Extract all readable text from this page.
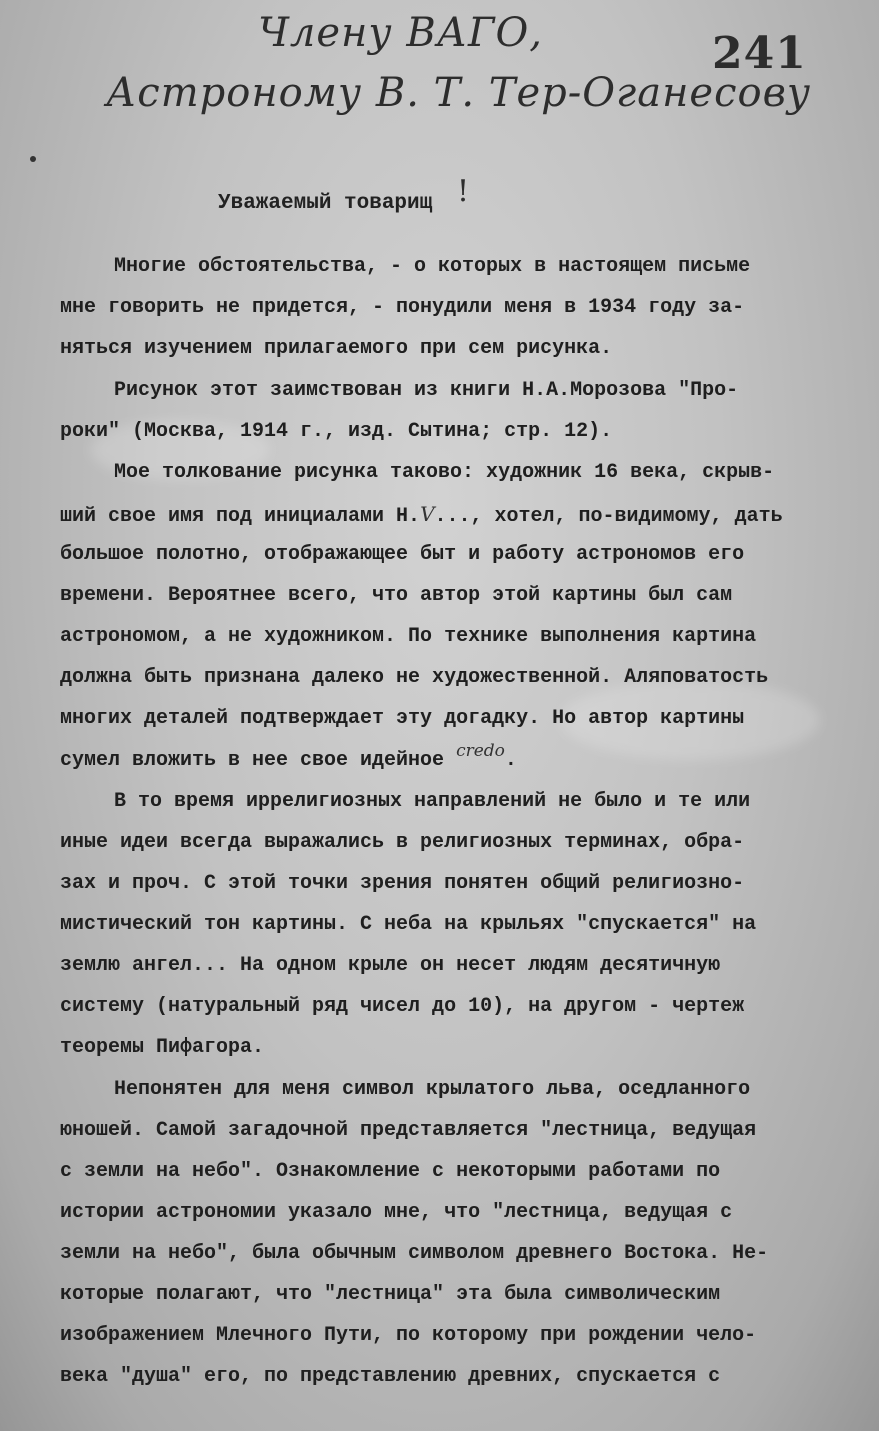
Члену ВАГО,
Астроному В. Т. Тер-Оганесову
241
Уважаемый товарищ !
Многие обстоятельства, - о которых в настоящем письме
мне говорить не придется, - понудили меня в 1934 году за-
няться изучением прилагаемого при сем рисунка.
Рисунок этот заимствован из книги Н.А.Морозова "Про-
роки" (Москва, 1914 г., изд. Сытина; стр. 12).
Мое толкование рисунка таково: художник 16 века, скрыв-
ший свое имя под инициалами Н.V..., хотел, по-видимому, дать
большое полотно, отображающее быт и работу астрономов его
времени. Вероятнее всего, что автор этой картины был сам
астрономом, а не художником. По технике выполнения картина
должна быть признана далеко не художественной. Аляповатость
многих деталей подтверждает эту догадку. Но автор картины
сумел вложить в нее свое идейное $^{credo}$.
В то время иррелигиозных направлений не было и те или
иные идеи всегда выражались в религиозных терминах, обра-
зах и проч. С этой точки зрения понятен общий религиозно-
мистический тон картины. С неба на крыльях "спускается" на
землю ангел... На одном крыле он несет людям десятичную
систему (натуральный ряд чисел до 10), на другом - чертеж
теоремы Пифагора.
Непонятен для меня символ крылатого льва, оседланного
юношей. Самой загадочной представляется "лестница, ведущая
с земли на небо". Ознакомление с некоторыми работами по
истории астрономии указало мне, что "лестница, ведущая с
земли на небо", была обычным символом древнего Востока. Не-
которые полагают, что "лестница" эта была символическим
изображением Млечного Пути, по которому при рождении чело-
века "душа" его, по представлению древних, спускается с
